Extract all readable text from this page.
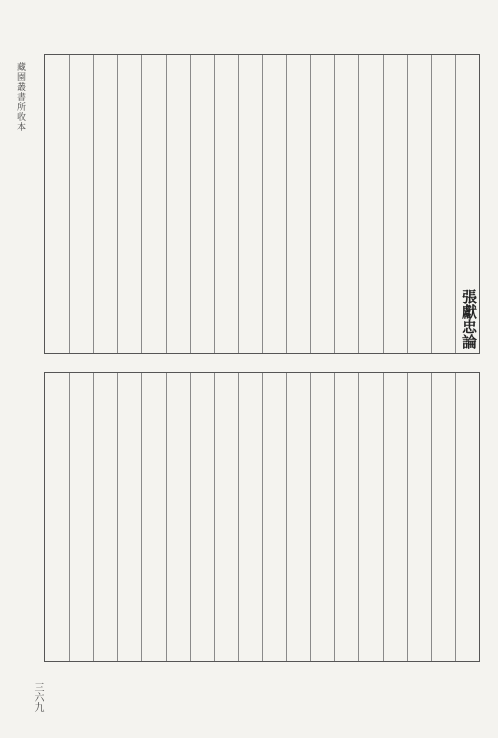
藏園叢書所收本
張獻忠論
三六九
